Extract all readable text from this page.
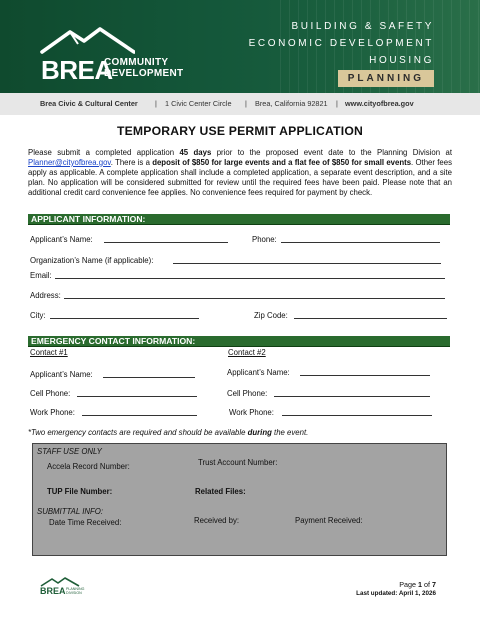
BREA
COMMUNITY
DEVELOPMENT
BUILDING & SAFETY
ECONOMIC DEVELOPMENT
HOUSING
PLANNING
Brea Civic & Cultural Center | 1 Civic Center Circle | Brea, California 92821 | www.cityofbrea.gov
TEMPORARY USE PERMIT APPLICATION
Please submit a completed application 45 days prior to the proposed event date to the Planning Division at Planner@cityofbrea.gov. There is a deposit of $850 for large events and a flat fee of $850 for small events. Other fees apply as applicable. A complete application shall include a completed application, a separate event description, and a site plan. No application will be considered submitted for review until the required fees have been paid. Please note that an additional credit card convenience fee applies. No convenience fees required for payment by check.
APPLICANT INFORMATION:
Applicant’s Name:	Phone:
Organization’s Name (if applicable):
Email:
Address:
City:	Zip Code:
EMERGENCY CONTACT INFORMATION:
Contact #1	Contact #2
Applicant’s Name:	Applicant’s Name:
Cell Phone:	Cell Phone:
Work Phone:	Work Phone:
*Two emergency contacts are required and should be available during the event.
STAFF USE ONLY
Accela Record Number:	Trust Account Number:
TUP File Number:	Related Files:
SUBMITTAL INFO:
Date Time Received:	Received by:	Payment Received:
BREA PLANNING
DIVISION
Page 1 of 7
Last updated: April 1, 2026
